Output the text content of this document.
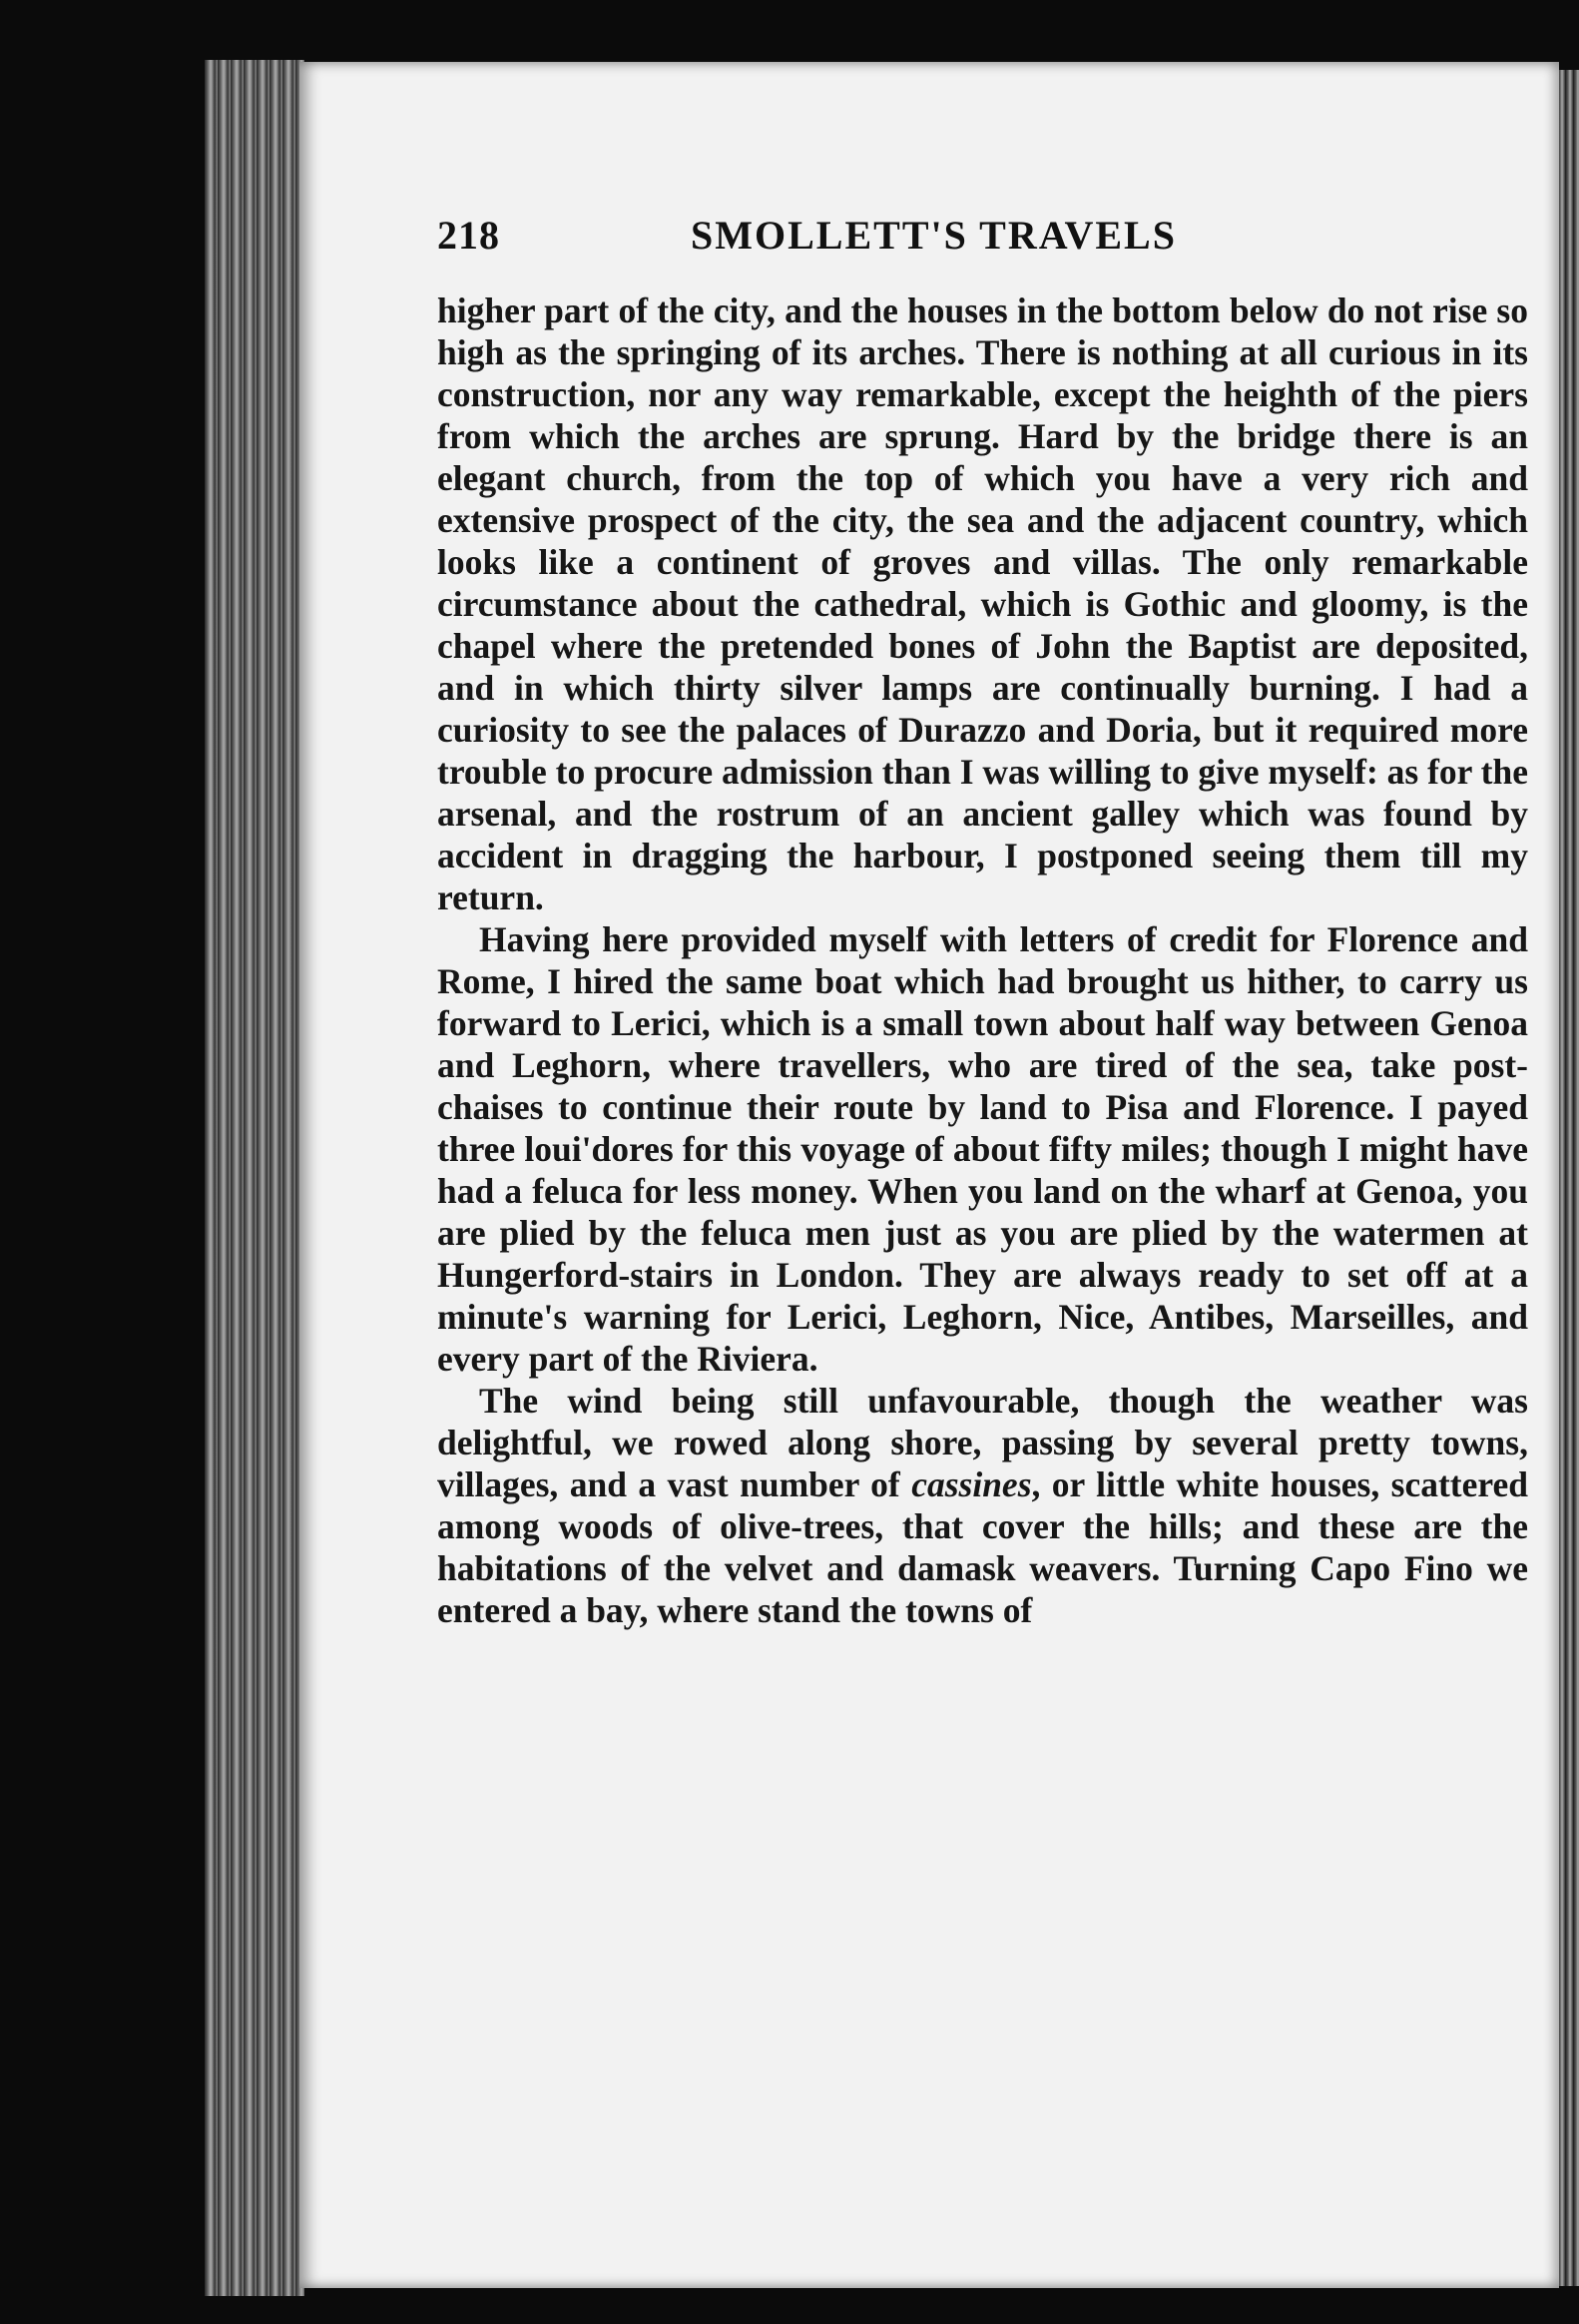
218	SMOLLETT'S TRAVELS

higher part of the city, and the houses in the bottom below do not rise so high as the springing of its arches. There is nothing at all curious in its construction, nor any way remarkable, except the heighth of the piers from which the arches are sprung. Hard by the bridge there is an elegant church, from the top of which you have a very rich and extensive prospect of the city, the sea and the adjacent country, which looks like a continent of groves and villas. The only remarkable circumstance about the cathedral, which is Gothic and gloomy, is the chapel where the pretended bones of John the Baptist are deposited, and in which thirty silver lamps are continually burning. I had a curiosity to see the palaces of Durazzo and Doria, but it required more trouble to procure admission than I was willing to give myself: as for the arsenal, and the rostrum of an ancient galley which was found by accident in dragging the harbour, I postponed seeing them till my return.

Having here provided myself with letters of credit for Florence and Rome, I hired the same boat which had brought us hither, to carry us forward to Lerici, which is a small town about half way between Genoa and Leghorn, where travellers, who are tired of the sea, take post-chaises to continue their route by land to Pisa and Florence. I payed three loui'dores for this voyage of about fifty miles; though I might have had a feluca for less money. When you land on the wharf at Genoa, you are plied by the feluca men just as you are plied by the watermen at Hungerford-stairs in London. They are always ready to set off at a minute's warning for Lerici, Leghorn, Nice, Antibes, Marseilles, and every part of the Riviera.

The wind being still unfavourable, though the weather was delightful, we rowed along shore, passing by several pretty towns, villages, and a vast number of cassines, or little white houses, scattered among woods of olive-trees, that cover the hills; and these are the habitations of the velvet and damask weavers. Turning Capo Fino we entered a bay, where stand the towns of
